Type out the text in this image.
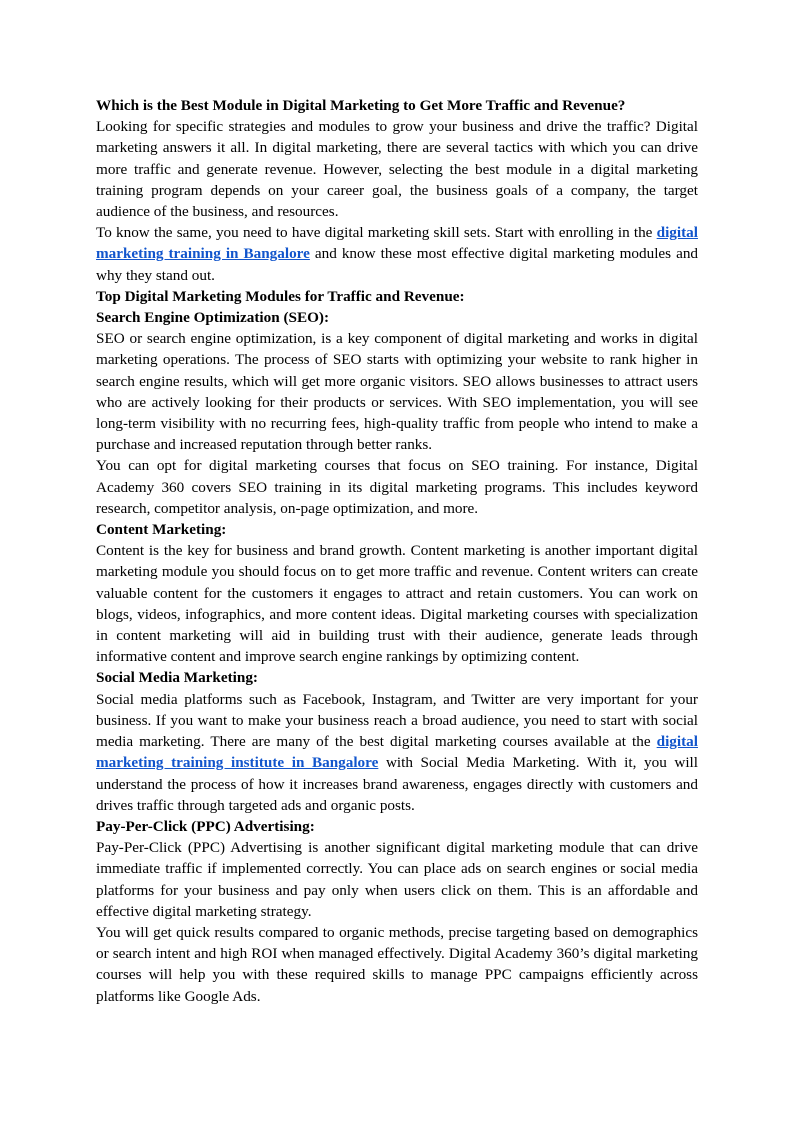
Which is the Best Module in Digital Marketing to Get More Traffic and Revenue?

Looking for specific strategies and modules to grow your business and drive the traffic? Digital marketing answers it all. In digital marketing, there are several tactics with which you can drive more traffic and generate revenue. However, selecting the best module in a digital marketing training program depends on your career goal, the business goals of a company, the target audience of the business, and resources.

To know the same, you need to have digital marketing skill sets. Start with enrolling in the digital marketing training in Bangalore and know these most effective digital marketing modules and why they stand out.

Top Digital Marketing Modules for Traffic and Revenue:

Search Engine Optimization (SEO):

SEO or search engine optimization, is a key component of digital marketing and works in digital marketing operations. The process of SEO starts with optimizing your website to rank higher in search engine results, which will get more organic visitors. SEO allows businesses to attract users who are actively looking for their products or services. With SEO implementation, you will see long-term visibility with no recurring fees, high-quality traffic from people who intend to make a purchase and increased reputation through better ranks.

You can opt for digital marketing courses that focus on SEO training. For instance, Digital Academy 360 covers SEO training in its digital marketing programs. This includes keyword research, competitor analysis, on-page optimization, and more.

Content Marketing:

Content is the key for business and brand growth. Content marketing is another important digital marketing module you should focus on to get more traffic and revenue. Content writers can create valuable content for the customers it engages to attract and retain customers. You can work on blogs, videos, infographics, and more content ideas. Digital marketing courses with specialization in content marketing will aid in building trust with their audience, generate leads through informative content and improve search engine rankings by optimizing content.

Social Media Marketing:

Social media platforms such as Facebook, Instagram, and Twitter are very important for your business. If you want to make your business reach a broad audience, you need to start with social media marketing. There are many of the best digital marketing courses available at the digital marketing training institute in Bangalore with Social Media Marketing. With it, you will understand the process of how it increases brand awareness, engages directly with customers and drives traffic through targeted ads and organic posts.

Pay-Per-Click (PPC) Advertising:

Pay-Per-Click (PPC) Advertising is another significant digital marketing module that can drive immediate traffic if implemented correctly. You can place ads on search engines or social media platforms for your business and pay only when users click on them. This is an affordable and effective digital marketing strategy.

You will get quick results compared to organic methods, precise targeting based on demographics or search intent and high ROI when managed effectively. Digital Academy 360’s digital marketing courses will help you with these required skills to manage PPC campaigns efficiently across platforms like Google Ads.
